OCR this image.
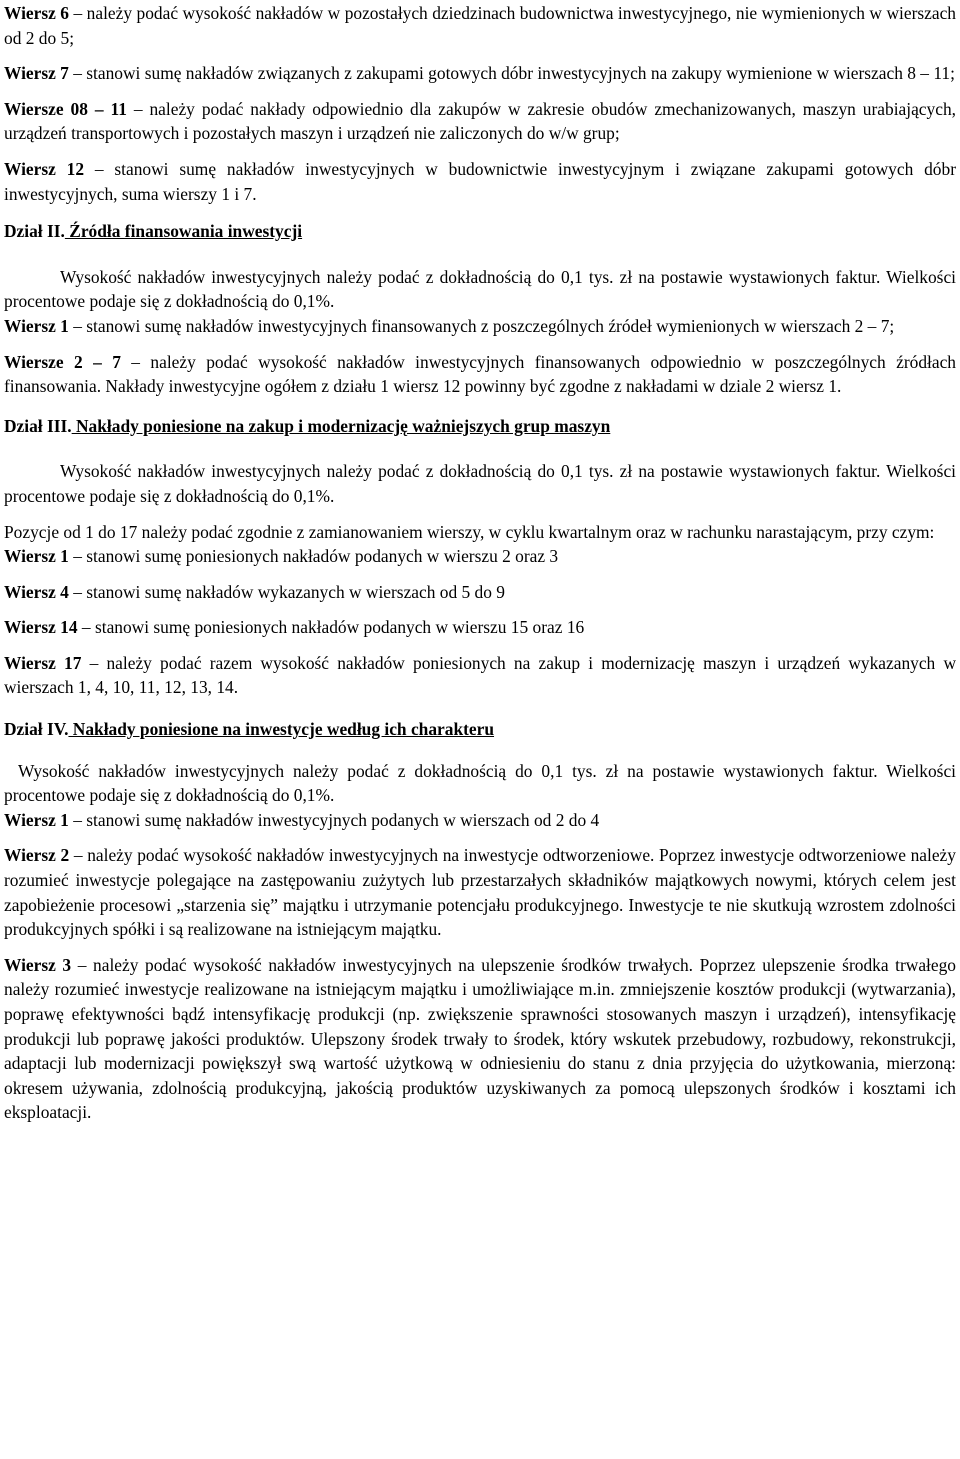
Wiersz 6 – należy podać wysokość nakładów w pozostałych dziedzinach budownictwa inwestycyjnego, nie wymienionych w wierszach od 2 do 5;

Wiersz 7 – stanowi sumę nakładów związanych z zakupami gotowych dóbr inwestycyjnych na zakupy wymienione w wierszach 8 – 11;

Wiersze 08 – 11 – należy podać nakłady odpowiednio dla zakupów w zakresie obudów zmechanizowanych, maszyn urabiających, urządzeń transportowych i pozostałych maszyn i urządzeń nie zaliczonych do w/w grup;

Wiersz 12 – stanowi sumę nakładów inwestycyjnych w budownictwie inwestycyjnym i związane zakupami gotowych dóbr inwestycyjnych, suma wierszy 1 i 7.

Dział II. Źródła finansowania inwestycji

Wysokość nakładów inwestycyjnych należy podać z dokładnością do 0,1 tys. zł na postawie wystawionych faktur. Wielkości procentowe podaje się z dokładnością do 0,1%.

Wiersz 1 – stanowi sumę nakładów inwestycyjnych finansowanych z poszczególnych źródeł wymienionych w wierszach 2 – 7;

Wiersze 2 – 7 – należy podać wysokość nakładów inwestycyjnych finansowanych odpowiednio w poszczególnych źródłach finansowania. Nakłady inwestycyjne ogółem z działu 1 wiersz 12 powinny być zgodne z nakładami w dziale 2 wiersz 1.

Dział III. Nakłady poniesione na zakup i modernizację ważniejszych grup maszyn

Wysokość nakładów inwestycyjnych należy podać z dokładnością do 0,1 tys. zł na postawie wystawionych faktur. Wielkości procentowe podaje się z dokładnością do 0,1%.

Pozycje od 1 do 17 należy podać zgodnie z zamianowaniem wierszy, w cyklu kwartalnym oraz w rachunku narastającym, przy czym:

Wiersz 1 – stanowi sumę poniesionych nakładów podanych w wierszu 2 oraz 3

Wiersz 4 – stanowi sumę nakładów wykazanych w wierszach od 5 do 9

Wiersz 14 – stanowi sumę poniesionych nakładów podanych w wierszu 15 oraz 16

Wiersz 17 – należy podać razem wysokość nakładów poniesionych na zakup i modernizację maszyn i urządzeń wykazanych w wierszach 1, 4, 10, 11, 12, 13, 14.

Dział IV. Nakłady poniesione na inwestycje według ich charakteru

Wysokość nakładów inwestycyjnych należy podać z dokładnością do 0,1 tys. zł na postawie wystawionych faktur. Wielkości procentowe podaje się z dokładnością do 0,1%.

Wiersz 1 – stanowi sumę nakładów inwestycyjnych podanych w wierszach od 2 do 4

Wiersz 2 – należy podać wysokość nakładów inwestycyjnych na inwestycje odtworzeniowe. Poprzez inwestycje odtworzeniowe należy rozumieć inwestycje polegające na zastępowaniu zużytych lub przestarzałych składników majątkowych nowymi, których celem jest zapobieżenie procesowi „starzenia się” majątku i utrzymanie potencjału produkcyjnego. Inwestycje te nie skutkują wzrostem zdolności produkcyjnych spółki i są realizowane na istniejącym majątku.

Wiersz 3 – należy podać wysokość nakładów inwestycyjnych na ulepszenie środków trwałych. Poprzez ulepszenie środka trwałego należy rozumieć inwestycje realizowane na istniejącym majątku i umożliwiające m.in. zmniejszenie kosztów produkcji (wytwarzania), poprawę efektywności bądź intensyfikację produkcji (np. zwiększenie sprawności stosowanych maszyn i urządzeń), intensyfikację produkcji lub poprawę jakości produktów. Ulepszony środek trwały to środek, który wskutek przebudowy, rozbudowy, rekonstrukcji, adaptacji lub modernizacji powiększył swą wartość użytkową w odniesieniu do stanu z dnia przyjęcia do użytkowania, mierzoną: okresem używania, zdolnością produkcyjną, jakością produktów uzyskiwanych za pomocą ulepszonych środków i kosztami ich eksploatacji.
